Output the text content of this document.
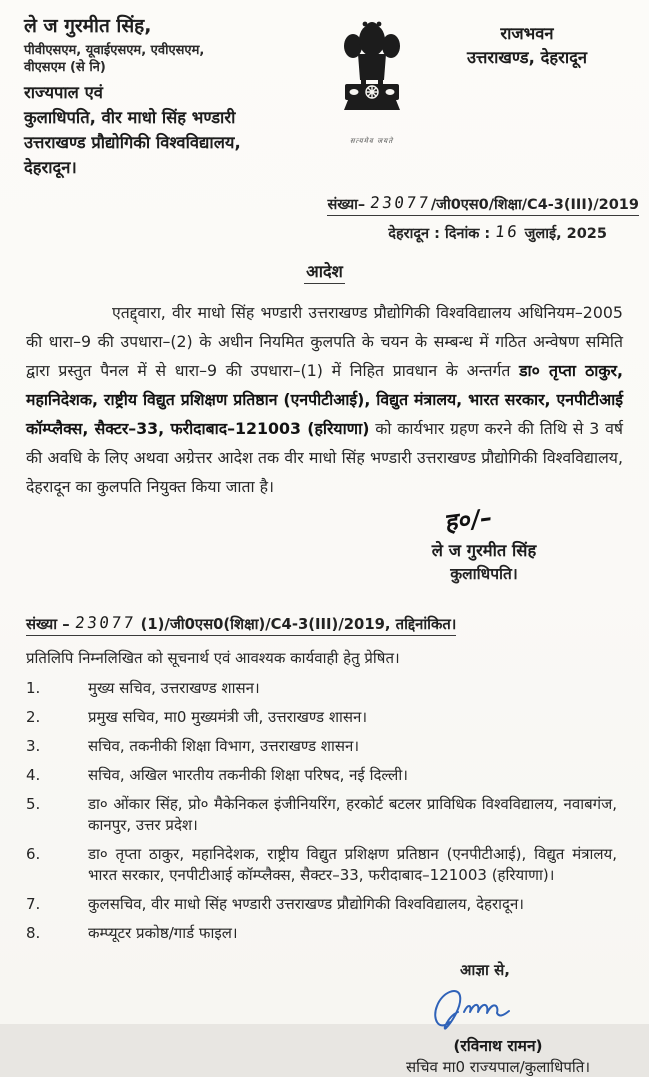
ले ज गुरमीत सिंह,
पीवीएसएम, यूवाईएसएम, एवीएसएम,
वीएसएम (से नि)
राज्यपाल एवं
कुलाधिपति, वीर माधो सिंह भण्डारी
उत्तराखण्ड प्रौद्योगिकी विश्वविद्यालय,
देहरादून।
सत्यमेव जयते
राजभवन
उत्तराखण्ड, देहरादून
संख्या– 23077/जी0एस0/शिक्षा/C4-3(III)/2019
देहरादून : दिनांक : 16 जुलाई, 2025
आदेश

एतद्द्वारा, वीर माधो सिंह भण्डारी उत्तराखण्ड प्रौद्योगिकी विश्वविद्यालय अधिनियम–2005 की धारा–9 की उपधारा–(2) के अधीन नियमित कुलपति के चयन के सम्बन्ध में गठित अन्वेषण समिति द्वारा प्रस्तुत पैनल में से धारा–9 की उपधारा–(1) में निहित प्रावधान के अन्तर्गत डा० तृप्ता ठाकुर, महानिदेशक, राष्ट्रीय विद्युत प्रशिक्षण प्रतिष्ठान (एनपीटीआई), विद्युत मंत्रालय, भारत सरकार, एनपीटीआई कॉम्प्लैक्स, सैक्टर–33, फरीदाबाद–121003 (हरियाणा) को कार्यभार ग्रहण करने की तिथि से 3 वर्ष की अवधि के लिए अथवा अग्रेत्तर आदेश तक वीर माधो सिंह भण्डारी उत्तराखण्ड प्रौद्योगिकी विश्वविद्यालय, देहरादून का कुलपति नियुक्त किया जाता है।

ह०/–
ले ज गुरमीत सिंह
कुलाधिपति।
संख्या – 23077 (1)/जी0एस0(शिक्षा)/C4-3(III)/2019, तद्दिनांकित।
प्रतिलिपि निम्नलिखित को सूचनार्थ एवं आवश्यक कार्यवाही हेतु प्रेषित।
1.	मुख्य सचिव, उत्तराखण्ड शासन।
2.	प्रमुख सचिव, मा0 मुख्यमंत्री जी, उत्तराखण्ड शासन।
3.	सचिव, तकनीकी शिक्षा विभाग, उत्तराखण्ड शासन।
4.	सचिव, अखिल भारतीय तकनीकी शिक्षा परिषद, नई दिल्ली।
5.	डा० ओंकार सिंह, प्रो० मैकेनिकल इंजीनियरिंग, हरकोर्ट बटलर प्राविधिक विश्वविद्यालय, नवाबगंज, कानपुर, उत्तर प्रदेश।
6.	डा० तृप्ता ठाकुर, महानिदेशक, राष्ट्रीय विद्युत प्रशिक्षण प्रतिष्ठान (एनपीटीआई), विद्युत मंत्रालय, भारत सरकार, एनपीटीआई कॉम्प्लैक्स, सैक्टर–33, फरीदाबाद–121003 (हरियाणा)।
7.	कुलसचिव, वीर माधो सिंह भण्डारी उत्तराखण्ड प्रौद्योगिकी विश्वविद्यालय, देहरादून।
8.	कम्प्यूटर प्रकोष्ठ/गार्ड फाइल।
आज्ञा से,
(रविनाथ रामन)
सचिव मा0 राज्यपाल/कुलाधिपति।
